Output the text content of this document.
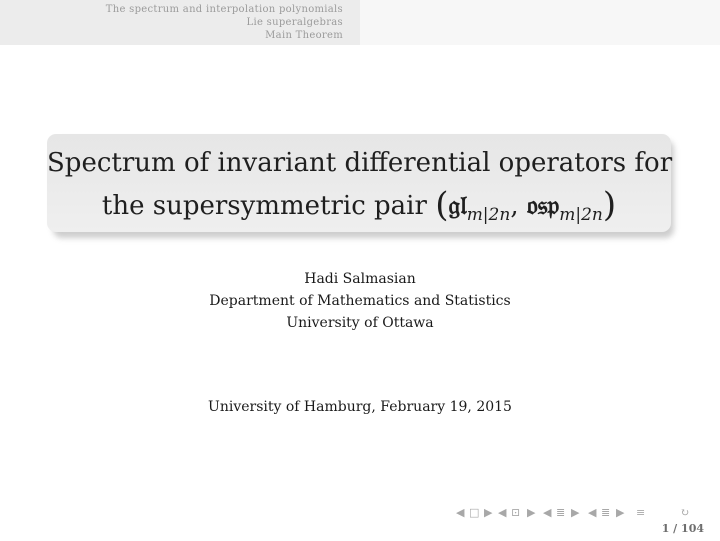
The spectrum and interpolation polynomials
Lie superalgebras
Main Theorem
Spectrum of invariant differential operators for
the supersymmetric pair (𝔤𝔩$_{m|2n}$, 𝔬𝔰𝔭$_{m|2n}$)
Hadi Salmasian
Department of Mathematics and Statistics
University of Ottawa
University of Hamburg, February 19, 2015
◀ □ ▶ ◀ ⊡ ▶ ◀ ≣ ▶ ◀ ≣ ▶ ≡	↻
1 / 104
